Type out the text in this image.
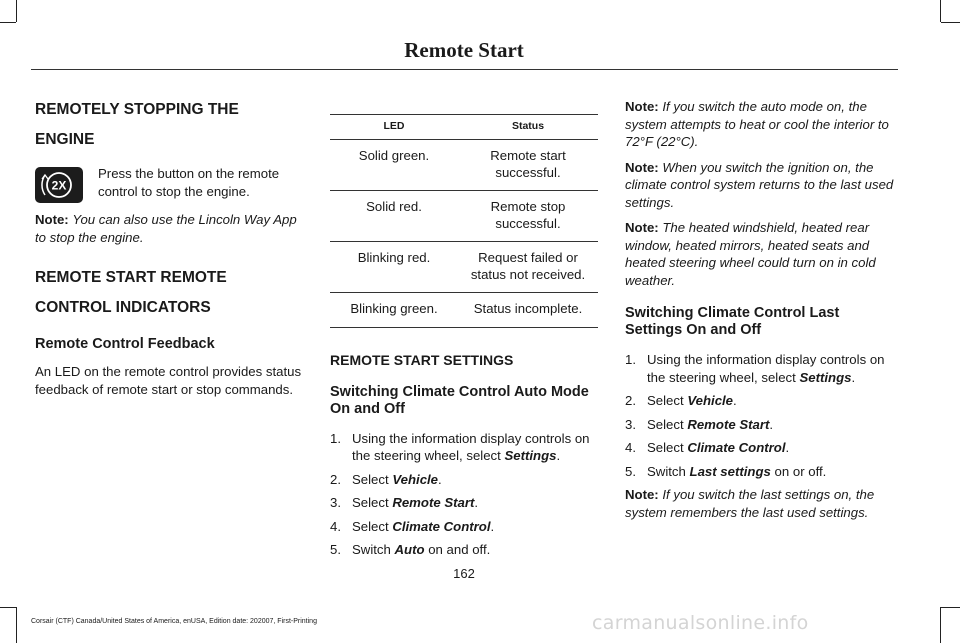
Remote Start
REMOTELY STOPPING THE
ENGINE
2X
Press the button on the remote control to stop the engine.

Note: You can also use the Lincoln Way App to stop the engine.

REMOTE START REMOTE
CONTROL INDICATORS
Remote Control Feedback

An LED on the remote control provides status feedback of remote start or stop commands.

LED	Status
Solid green.	Remote start successful.
Solid red.	Remote stop successful.
Blinking red.	Request failed or status not received.
Blinking green.	Status incomplete.
REMOTE START SETTINGS
Switching Climate Control Auto Mode On and Off
1. Using the information display controls on the steering wheel, select Settings.
2. Select Vehicle.
3. Select Remote Start.
4. Select Climate Control.
5. Switch Auto on and off.

Note: If you switch the auto mode on, the system attempts to heat or cool the interior to 72°F (22°C).

Note: When you switch the ignition on, the climate control system returns to the last used settings.

Note: The heated windshield, heated rear window, heated mirrors, heated seats and heated steering wheel could turn on in cold weather.

Switching Climate Control Last Settings On and Off
1. Using the information display controls on the steering wheel, select Settings.
2. Select Vehicle.
3. Select Remote Start.
4. Select Climate Control.
5. Switch Last settings on or off.

Note: If you switch the last settings on, the system remembers the last used settings.

162
Corsair (CTF) Canada/United States of America, enUSA, Edition date: 202007, First-Printing	carmanualsonline.info
